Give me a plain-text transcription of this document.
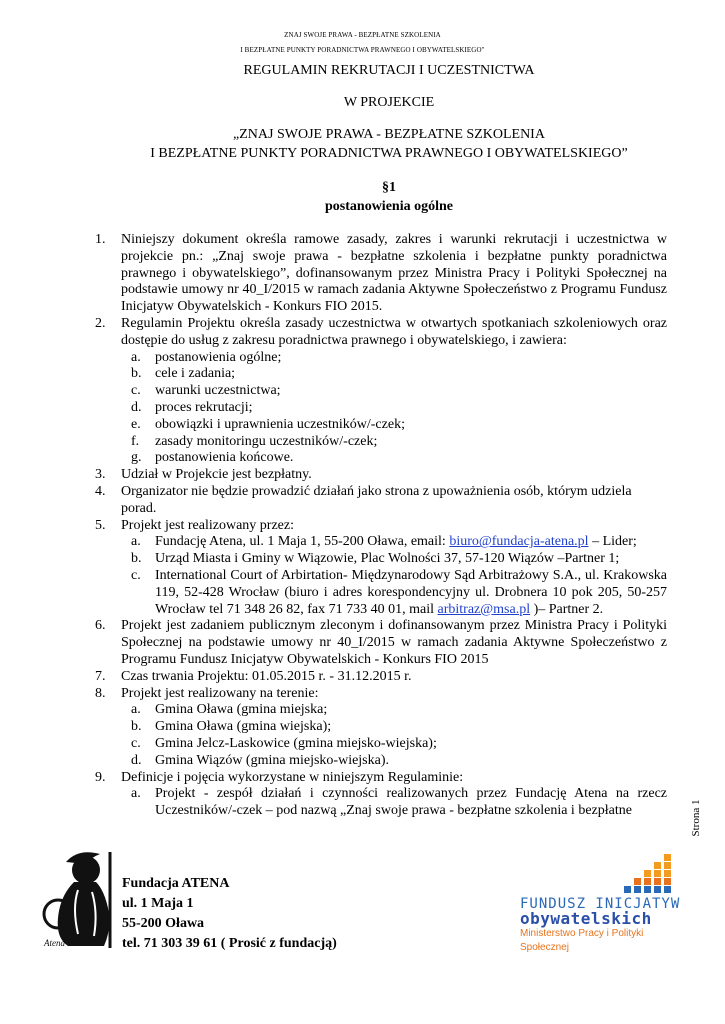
ZNAJ SWOJE PRAWA - BEZPŁATNE SZKOLENIA
I BEZPŁATNE PUNKTY PORADNICTWA PRAWNEGO I OBYWATELSKIEGO"
REGULAMIN REKRUTACJI I UCZESTNICTWA
W PROJEKCIE
„ZNAJ SWOJE PRAWA - BEZPŁATNE SZKOLENIA
I BEZPŁATNE PUNKTY PORADNICTWA PRAWNEGO I OBYWATELSKIEGO”
§1
postanowienia ogólne
1. Niniejszy dokument określa ramowe zasady, zakres i warunki rekrutacji i uczestnictwa w projekcie pn.: „Znaj swoje prawa - bezpłatne szkolenia i bezpłatne punkty poradnictwa prawnego i obywatelskiego”, dofinansowanym przez Ministra Pracy i Polityki Społecznej na podstawie umowy nr 40_I/2015 w ramach zadania Aktywne Społeczeństwo z Programu Fundusz Inicjatyw Obywatelskich - Konkurs FIO 2015.
2. Regulamin Projektu określa zasady uczestnictwa w otwartych spotkaniach szkoleniowych oraz dostępie do usług z zakresu poradnictwa prawnego i obywatelskiego, i zawiera:
a. postanowienia ogólne;
b. cele i zadania;
c. warunki uczestnictwa;
d. proces rekrutacji;
e. obowiązki i uprawnienia uczestników/-czek;
f. zasady monitoringu uczestników/-czek;
g. postanowienia końcowe.
3. Udział w Projekcie jest bezpłatny.
4. Organizator nie będzie prowadzić działań jako strona z upoważnienia osób, którym udziela porad.
5. Projekt jest realizowany przez:
a. Fundację Atena, ul. 1 Maja 1, 55-200 Oława, email: biuro@fundacja-atena.pl – Lider;
b. Urząd Miasta i Gminy w Wiązowie, Plac Wolności 37, 57-120 Wiązów –Partner 1;
c. International Court of Arbirtation- Międzynarodowy Sąd Arbitrażowy S.A., ul. Krakowska 119, 52-428 Wrocław (biuro i adres korespondencyjny ul. Drobnera 10 pok 205, 50-257 Wrocław tel 71 348 26 82, fax 71 733 40 01, mail arbitraz@msa.pl )– Partner 2.
6. Projekt jest zadaniem publicznym zleconym i dofinansowanym przez Ministra Pracy i Polityki Społecznej na podstawie umowy nr 40_I/2015 w ramach zadania Aktywne Społeczeństwo z Programu Fundusz Inicjatyw Obywatelskich - Konkurs FIO 2015
7. Czas trwania Projektu: 01.05.2015 r. - 31.12.2015 r.
8. Projekt jest realizowany na terenie:
a. Gmina Oława (gmina miejska;
b. Gmina Oława (gmina wiejska);
c. Gmina Jelcz-Laskowice (gmina miejsko-wiejska);
d. Gmina Wiązów (gmina miejsko-wiejska).
9. Definicje i pojęcia wykorzystane w niniejszym Regulaminie:
a. Projekt - zespół działań i czynności realizowanych przez Fundację Atena na rzecz Uczestników/-czek – pod nazwą „Znaj swoje prawa - bezpłatne szkolenia i bezpłatne	Strona 1
Atena
Fundacja ATENA
ul. 1 Maja 1
55-200 Oława
tel. 71 303 39 61 ( Prosić z fundacją)
FUNDUSZ INICJATYW
obywatelskich
Ministerstwo Pracy i Polityki Społecznej
